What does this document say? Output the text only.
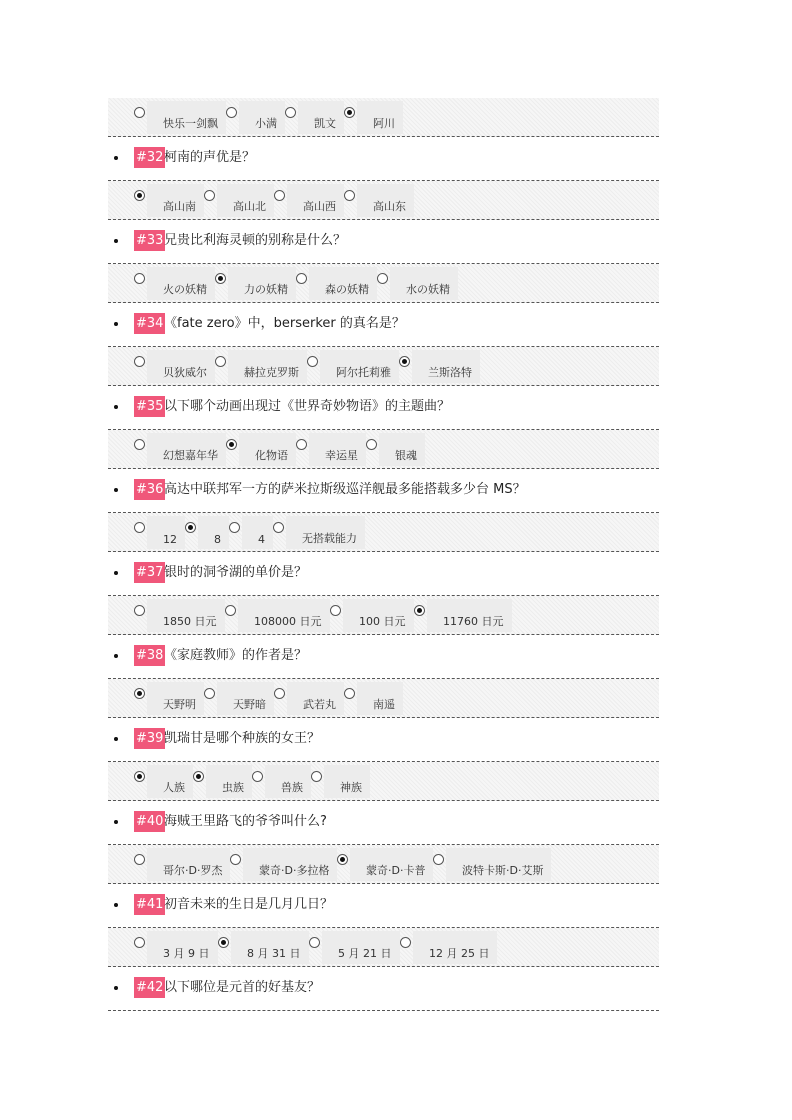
快乐一剑飘	小满	凯文	阿川
#32 柯南的声优是？
高山南	高山北	高山西	高山东
#33 兄贵比利海灵顿的别称是什么？
火の妖精	力の妖精	森の妖精	水の妖精
#34 《fate zero》中，berserker 的真名是？
贝狄威尔	赫拉克罗斯	阿尔托莉雅	兰斯洛特
#35 以下哪个动画出现过《世界奇妙物语》的主题曲？
幻想嘉年华	化物语	幸运星	银魂
#36 高达中联邦军一方的萨米拉斯级巡洋舰最多能搭载多少台 MS？
12	8	4	无搭载能力
#37 银时的洞爷湖的单价是？
1850 日元	108000 日元	100 日元	11760 日元
#38 《家庭教师》的作者是？
天野明	天野暗	武若丸	南遥
#39 凯瑞甘是哪个种族的女王？
人族	虫族	兽族	神族
#40 海贼王里路飞的爷爷叫什么?
哥尔·D·罗杰	蒙奇·D·多拉格	蒙奇·D·卡普	波特卡斯·D·艾斯
#41 初音未来的生日是几月几日？
3 月 9 日	8 月 31 日	5 月 21 日	12 月 25 日
#42 以下哪位是元首的好基友？
